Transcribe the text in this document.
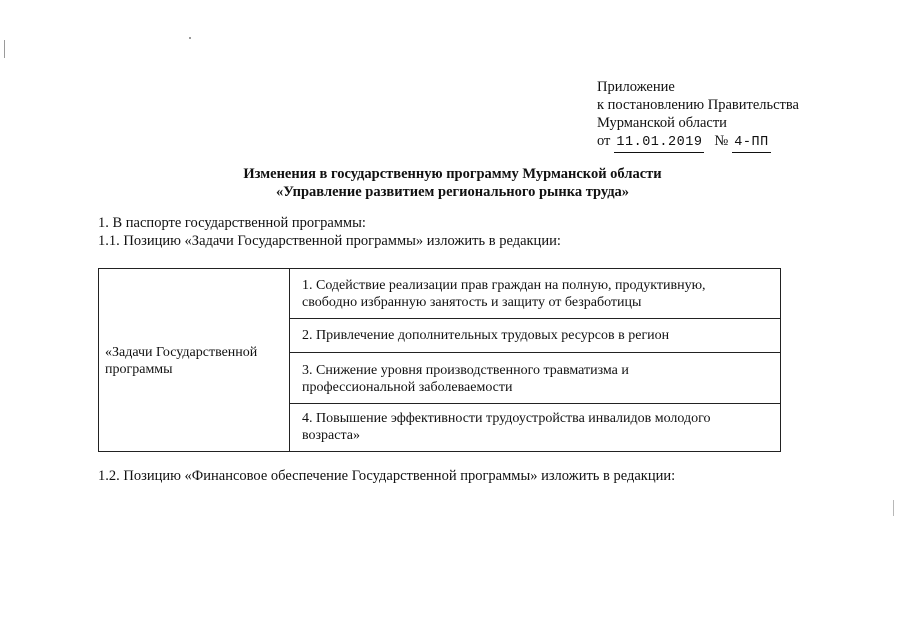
Приложение
к постановлению Правительства
Мурманской области
от 11.01.2019 № 4-ПП
Изменения в государственную программу Мурманской области
«Управление развитием регионального рынка труда»
1. В паспорте государственной программы:
1.1. Позицию «Задачи Государственной программы» изложить в редакции:
«Задачи Государственной
программы

1. Содействие реализации прав граждан на полную, продуктивную,
свободно избранную занятость и защиту от безработицы

2. Привлечение дополнительных трудовых ресурсов в регион

3. Снижение уровня производственного травматизма и
профессиональной заболеваемости

4. Повышение эффективности трудоустройства инвалидов молодого
возраста»
1.2. Позицию «Финансовое обеспечение Государственной программы» изложить в редакции:
